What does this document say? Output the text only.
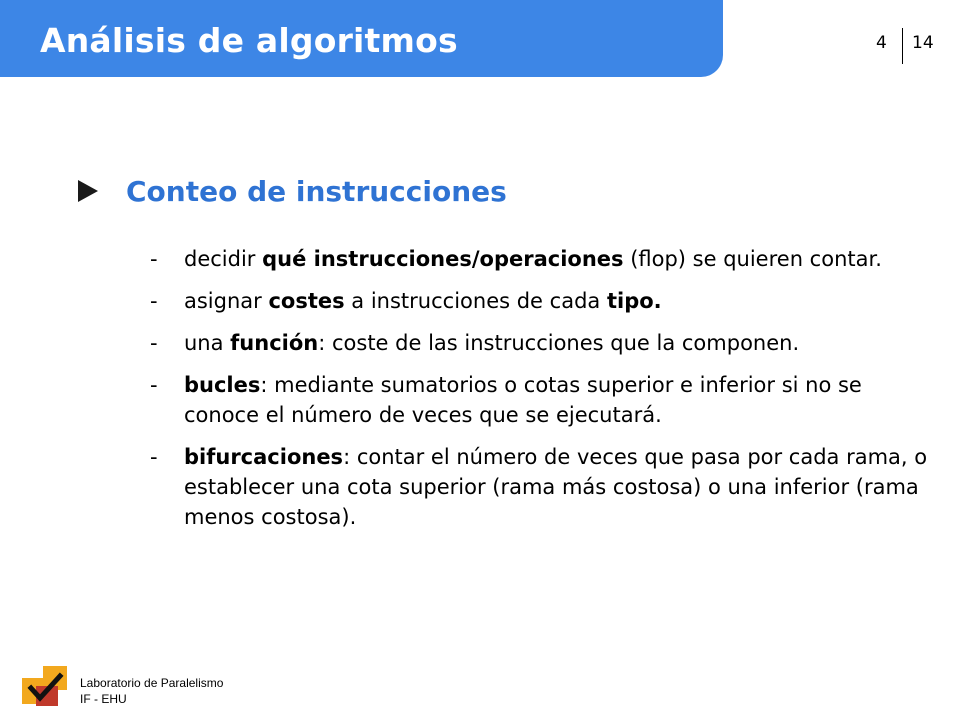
Análisis de algoritmos	4 14
Conteo de instrucciones
- decidir qué instrucciones/operaciones (flop) se quieren contar.
- asignar costes a instrucciones de cada tipo.
- una función: coste de las instrucciones que la componen.
- bucles: mediante sumatorios o cotas superior e inferior si no se conoce el número de veces que se ejecutará.
- bifurcaciones: contar el número de veces que pasa por cada rama, o establecer una cota superior (rama más costosa) o una inferior (rama menos costosa).
Laboratorio de Paralelismo
IF - EHU
